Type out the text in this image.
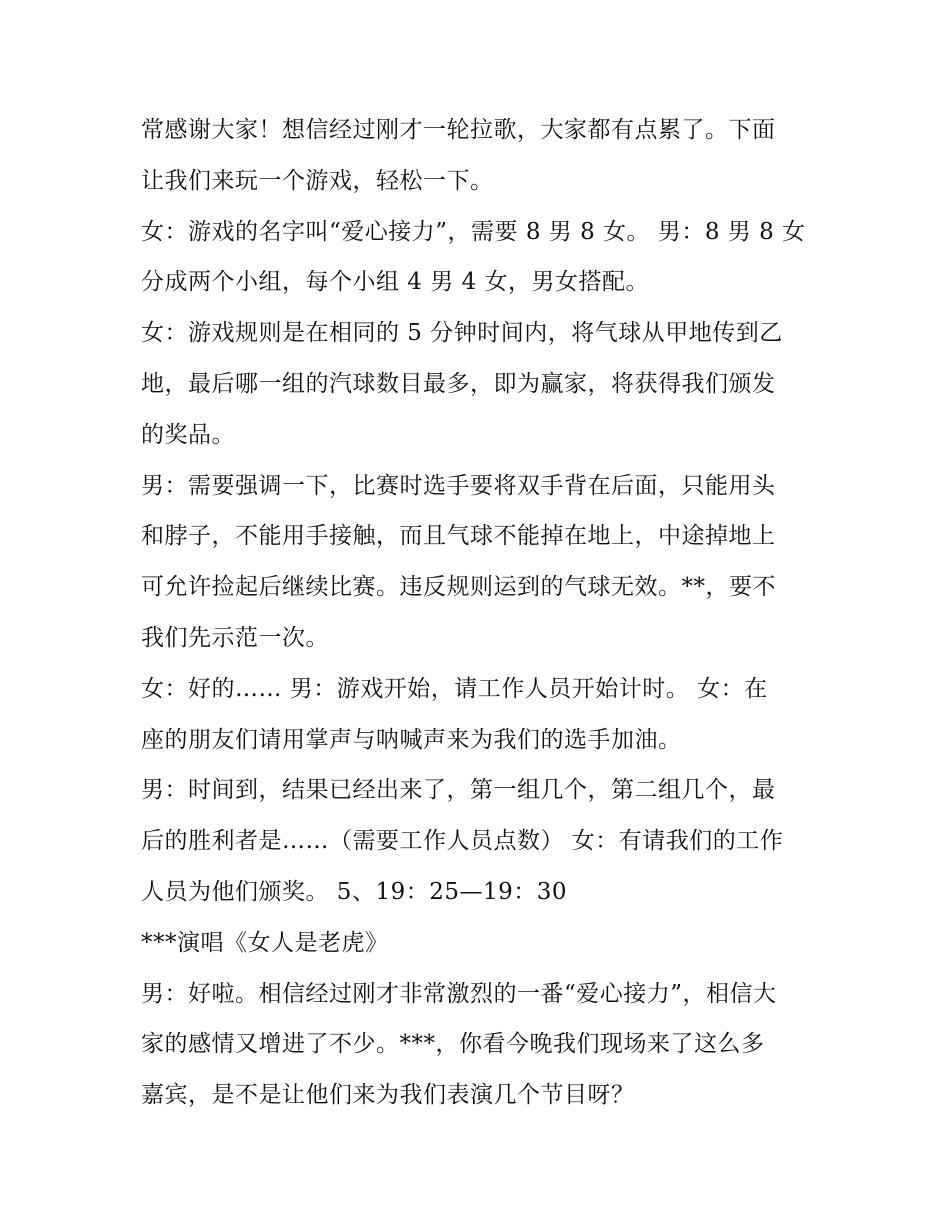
常感谢大家！想信经过刚才一轮拉歌，大家都有点累了。下面
让我们来玩一个游戏，轻松一下。
女：游戏的名字叫“爱心接力”，需要 8 男 8 女。 男：8 男 8 女
分成两个小组，每个小组 4 男 4 女，男女搭配。
女：游戏规则是在相同的 5 分钟时间内，将气球从甲地传到乙
地，最后哪一组的汽球数目最多，即为赢家，将获得我们颁发
的奖品。
男：需要强调一下，比赛时选手要将双手背在后面，只能用头
和脖子，不能用手接触，而且气球不能掉在地上，中途掉地上
可允许捡起后继续比赛。违反规则运到的气球无效。**，要不
我们先示范一次。
女：好的…… 男：游戏开始，请工作人员开始计时。 女：在
座的朋友们请用掌声与呐喊声来为我们的选手加油。
男：时间到，结果已经出来了，第一组几个，第二组几个，最
后的胜利者是……（需要工作人员点数） 女：有请我们的工作
人员为他们颁奖。 5、19：25—19：30
***演唱《女人是老虎》
男：好啦。相信经过刚才非常激烈的一番“爱心接力”，相信大
家的感情又增进了不少。***，你看今晚我们现场来了这么多
嘉宾，是不是让他们来为我们表演几个节目呀？
